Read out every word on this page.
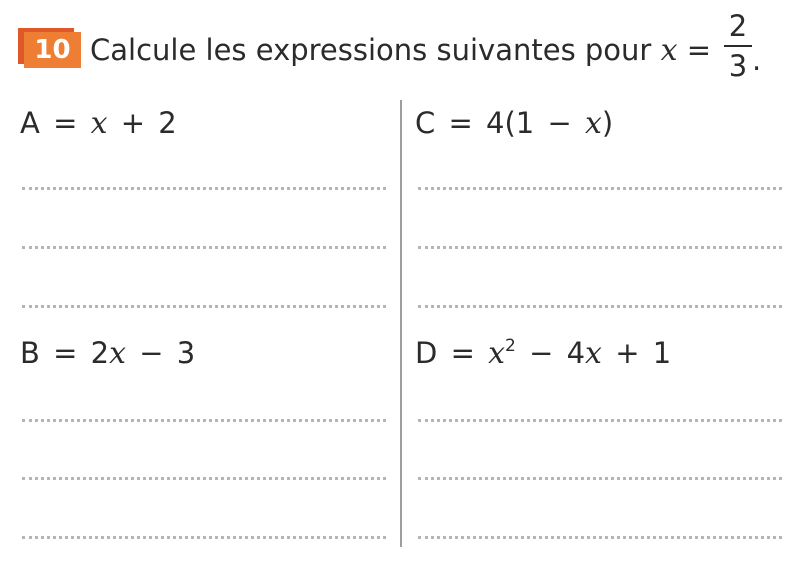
10 Calcule les expressions suivantes pour x =
2
3 .
A = x + 2	C = 4(1 − x)
B = 2x − 3	$D = x^2 - 4x + 1$
